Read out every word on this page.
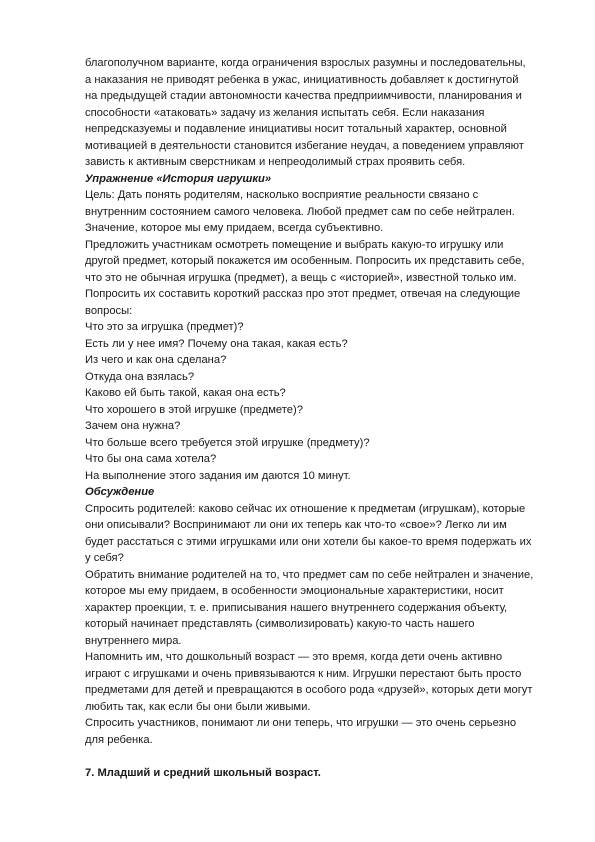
благополучном варианте, когда ограничения взрослых разумны и последовательны,
а наказания не приводят ребенка в ужас, инициативность добавляет к достигнутой
на предыдущей стадии автономности качества предприимчивости, планирования и
способности «атаковать» задачу из желания испытать себя. Если наказания
непредсказуемы и подавление инициативы носит тотальный характер, основной
мотивацией в деятельности становится избегание неудач, а поведением управляют
зависть к активным сверстникам и непреодолимый страх проявить себя.
Упражнение «История игрушки»
Цель: Дать понять родителям, насколько восприятие реальности связано с
внутренним состоянием самого человека. Любой предмет сам по себе нейтрален.
Значение, которое мы ему придаем, всегда субъективно.
Предложить участникам осмотреть помещение и выбрать какую-то игрушку или
другой предмет, который покажется им особенным. Попросить их представить себе,
что это не обычная игрушка (предмет), а вещь с «историей», известной только им.
Попросить их составить короткий рассказ про этот предмет, отвечая на следующие
вопросы:
Что это за игрушка (предмет)?
Есть ли у нее имя? Почему она такая, какая есть?
Из чего и как она сделана?
Откуда она взялась?
Каково ей быть такой, какая она есть?
Что хорошего в этой игрушке (предмете)?
Зачем она нужна?
Что больше всего требуется этой игрушке (предмету)?
Что бы она сама хотела?
На выполнение этого задания им даются 10 минут.
Обсуждение
Спросить родителей: каково сейчас их отношение к предметам (игрушкам), которые
они описывали? Воспринимают ли они их теперь как что-то «свое»? Легко ли им
будет расстаться с этими игрушками или они хотели бы какое-то время подержать их
у себя?
Обратить внимание родителей на то, что предмет сам по себе нейтрален и значение,
которое мы ему придаем, в особенности эмоциональные характеристики, носит
характер проекции, т. е. приписывания нашего внутреннего содержания объекту,
который начинает представлять (символизировать) какую-то часть нашего
внутреннего мира.
Напомнить им, что дошкольный возраст — это время, когда дети очень активно
играют с игрушками и очень привязываются к ним. Игрушки перестают быть просто
предметами для детей и превращаются в особого рода «друзей», которых дети могут
любить так, как если бы они были живыми.
Спросить участников, понимают ли они теперь, что игрушки — это очень серьезно
для ребенка.
7. Младший и средний школьный возраст.
